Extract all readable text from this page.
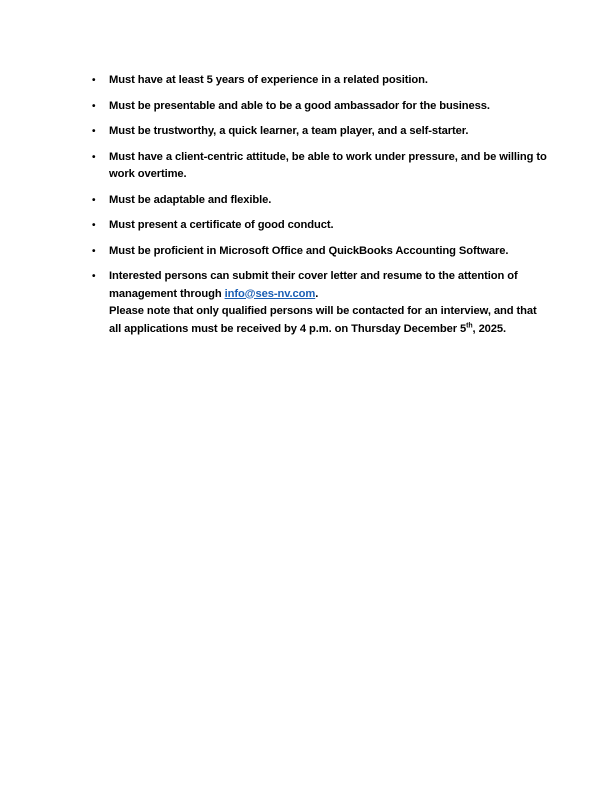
• Must have at least 5 years of experience in a related position.
• Must be presentable and able to be a good ambassador for the business.
• Must be trustworthy, a quick learner, a team player, and a self-starter.
• Must have a client-centric attitude, be able to work under pressure, and be willing to work overtime.
• Must be adaptable and flexible.
• Must present a certificate of good conduct.
• Must be proficient in Microsoft Office and QuickBooks Accounting Software.
• Interested persons can submit their cover letter and resume to the attention of management through info@ses-nv.com.
Please note that only qualified persons will be contacted for an interview, and that all applications must be received by 4 p.m. on Thursday December 5th, 2025.
